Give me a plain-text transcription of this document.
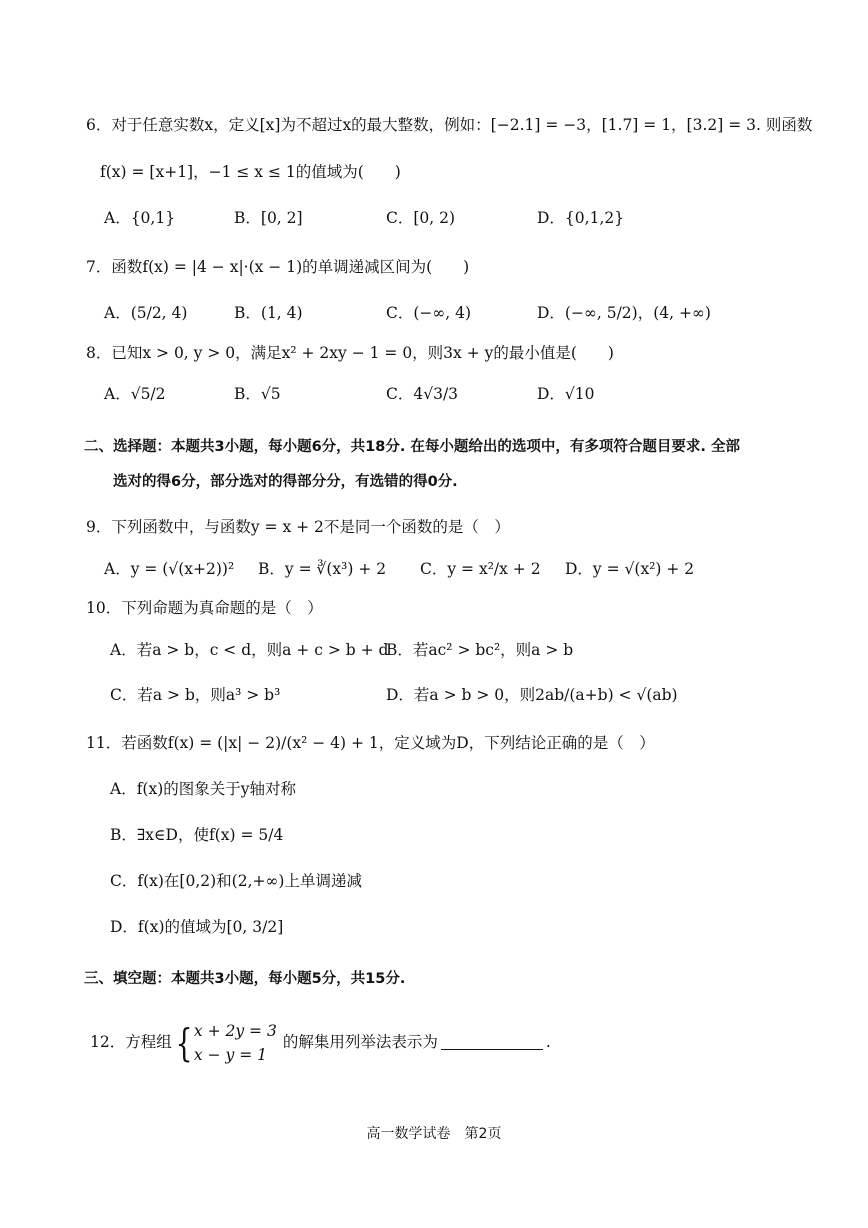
6．对于任意实数x，定义[x]为不超过x的最大整数，例如：[−2.1] = −3，[1.7] = 1，[3.2] = 3. 则函数
f(x) = [x+1]，−1 ≤ x ≤ 1的值域为(　　)
A．{0,1}	B．[0, 2]	C．[0, 2)	D．{0,1,2}
7．函数f(x) = |4 − x|·(x − 1)的单调递减区间为(　　)
A．(5/2, 4)	B．(1, 4)	C．(−∞, 4)	D．(−∞, 5/2)，(4, +∞)
8．已知x > 0, y > 0，满足x² + 2xy − 1 = 0，则3x + y的最小值是(　　)
A．√5/2	B．√5	C．4√3/3	D．√10
二、选择题：本题共3小题，每小题6分，共18分. 在每小题给出的选项中，有多项符合题目要求. 全部
选对的得6分，部分选对的得部分分，有选错的得0分.
9．下列函数中，与函数y = x + 2不是同一个函数的是（　）
A．y = (√(x+2))² B．y = ∛(x³) + 2 C．y = x²/x + 2 D．y = √(x²) + 2
10．下列命题为真命题的是（　）
A．若a > b，c < d，则a + c > b + d
B．若ac² > bc²，则a > b
C．若a > b，则a³ > b³	D．若a > b > 0，则2ab/(a+b) < √(ab)
11．若函数f(x) = (|x| − 2)/(x² − 4) + 1，定义域为D，下列结论正确的是（　）
A．f(x)的图象关于y轴对称
B．∃x∈D，使f(x) = 5/4
C．f(x)在[0,2)和(2,+∞)上单调递减
D．f(x)的值域为[0, 3/2]
三、填空题：本题共3小题，每小题5分，共15分.
12．方程组{ x + 2y = 3
x − y = 1
的解集用列举法表示为	.
高一数学试卷　第2页
